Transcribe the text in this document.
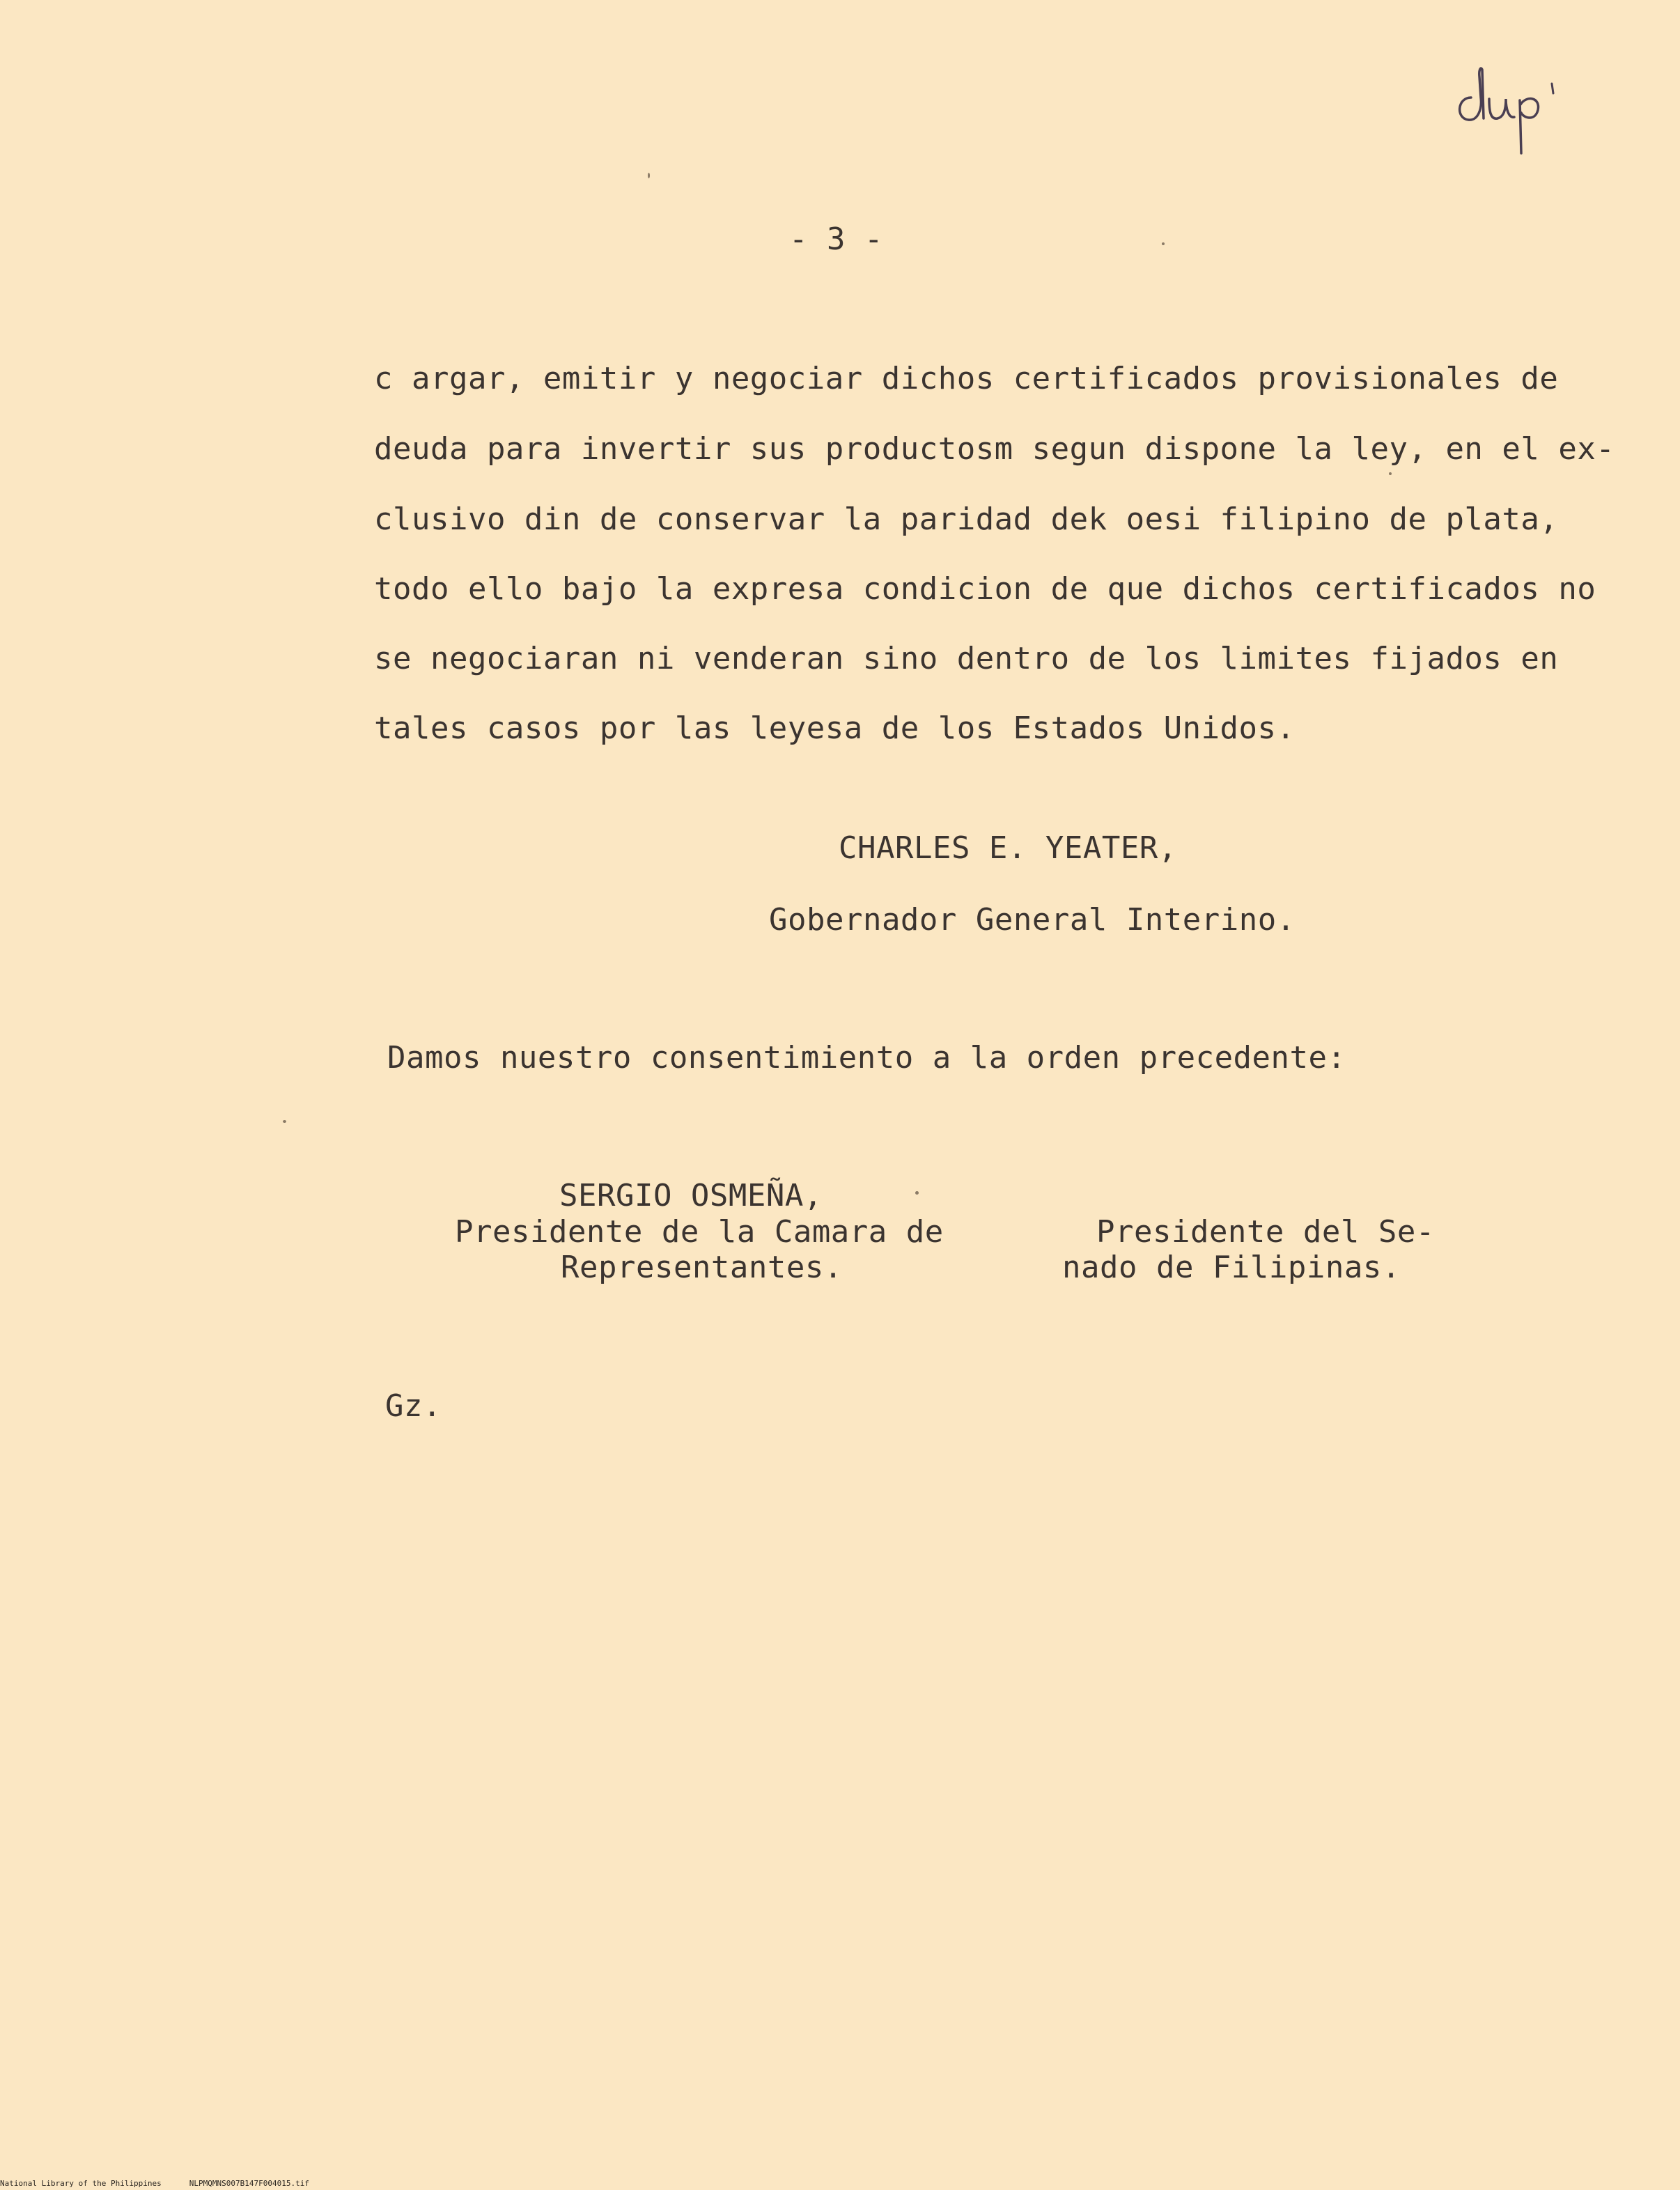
- 3 -
c argar, emitir y negociar dichos certificados provisionales de
deuda para invertir sus productosm segun dispone la ley, en el ex-
clusivo din de conservar la paridad dek oesi filipino de plata,
todo ello bajo la expresa condicion de que dichos certificados no
se negociaran ni venderan sino dentro de los limites fijados en
tales casos por las leyesa de los Estados Unidos.
CHARLES E. YEATER,
Gobernador General Interino.
Damos nuestro consentimiento a la orden precedente:
SERGIO OSMEÑA,
Presidente de la Camara de
Representantes.
Presidente del Se-
nado de Filipinas.
Gz.
National Library of the Philippines	NLPMQMNS007B147F004015.tif
